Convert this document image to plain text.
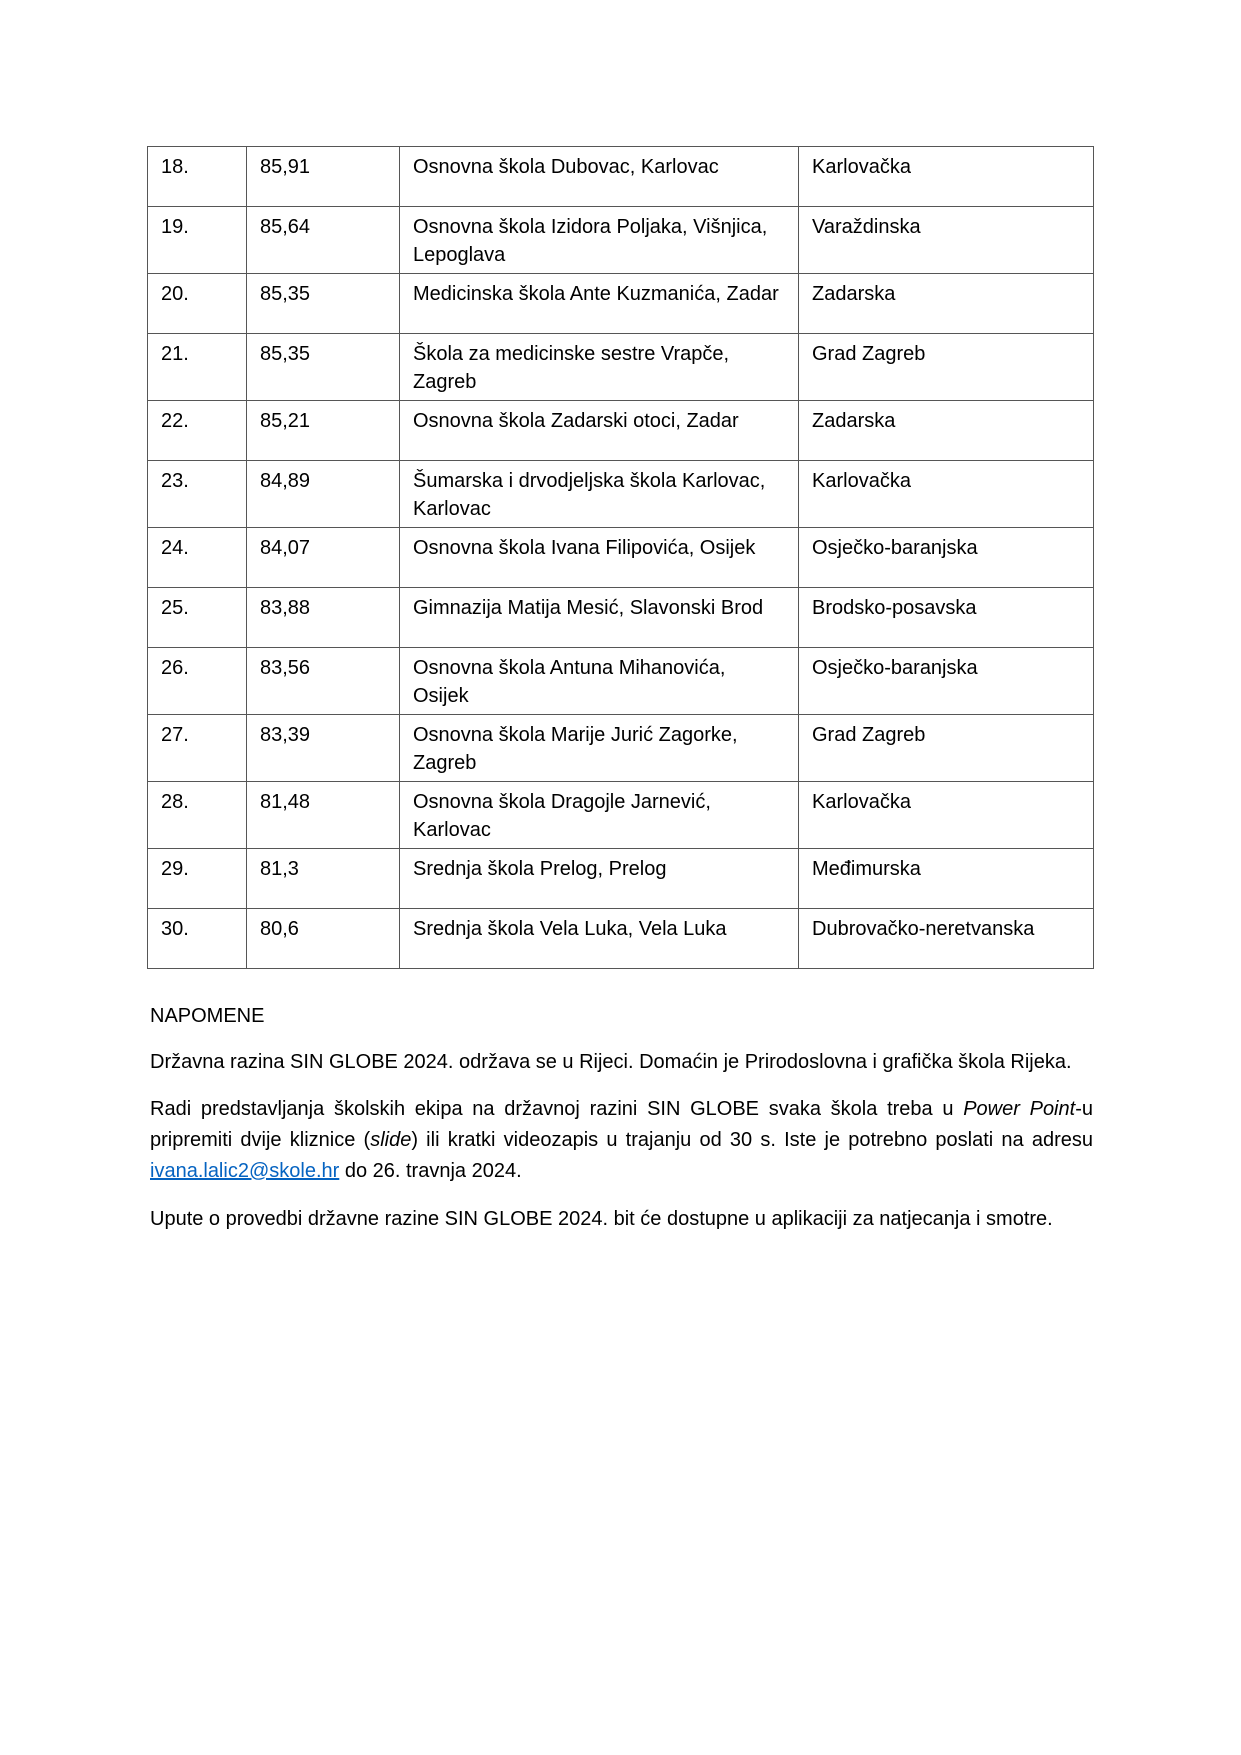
18.	85,91	Osnovna škola Dubovac, Karlovac	Karlovačka
19.	85,64	Osnovna škola Izidora Poljaka, Višnjica, Lepoglava	Varaždinska
20.	85,35	Medicinska škola Ante Kuzmanića, Zadar	Zadarska
21.	85,35	Škola za medicinske sestre Vrapče, Zagreb	Grad Zagreb
22.	85,21	Osnovna škola Zadarski otoci, Zadar	Zadarska
23.	84,89	Šumarska i drvodjeljska škola Karlovac, Karlovac	Karlovačka
24.	84,07	Osnovna škola Ivana Filipovića, Osijek	Osječko-baranjska
25.	83,88	Gimnazija Matija Mesić, Slavonski Brod	Brodsko-posavska
26.	83,56	Osnovna škola Antuna Mihanovića, Osijek	Osječko-baranjska
27.	83,39	Osnovna škola Marije Jurić Zagorke, Zagreb	Grad Zagreb
28.	81,48	Osnovna škola Dragojle Jarnević, Karlovac	Karlovačka
29.	81,3	Srednja škola Prelog, Prelog	Međimurska
30.	80,6	Srednja škola Vela Luka, Vela Luka	Dubrovačko-neretvanska
NAPOMENE

Državna razina SIN GLOBE 2024. održava se u Rijeci. Domaćin je Prirodoslovna i grafička škola Rijeka.

Radi predstavljanja školskih ekipa na državnoj razini SIN GLOBE svaka škola treba u Power Point-u
pripremiti dvije kliznice (slide) ili kratki videozapis u trajanju od 30 s. Iste je potrebno poslati na adresu
ivana.lalic2@skole.hr do 26. travnja 2024.

Upute o provedbi državne razine SIN GLOBE 2024. bit će dostupne u aplikaciji za natjecanja i smotre.
